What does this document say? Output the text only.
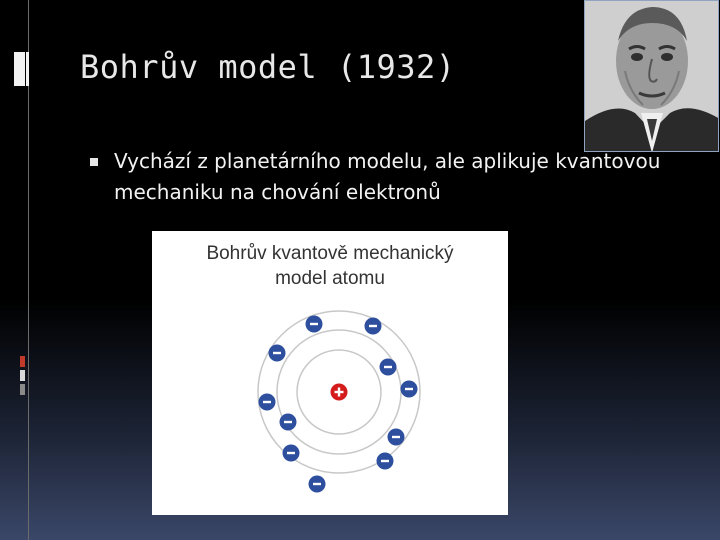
Bohrův model (1932)
Vychází z planetárního modelu, ale aplikuje kvantovou mechaniku na chování elektronů
Bohrův kvantově mechanický
model atomu
